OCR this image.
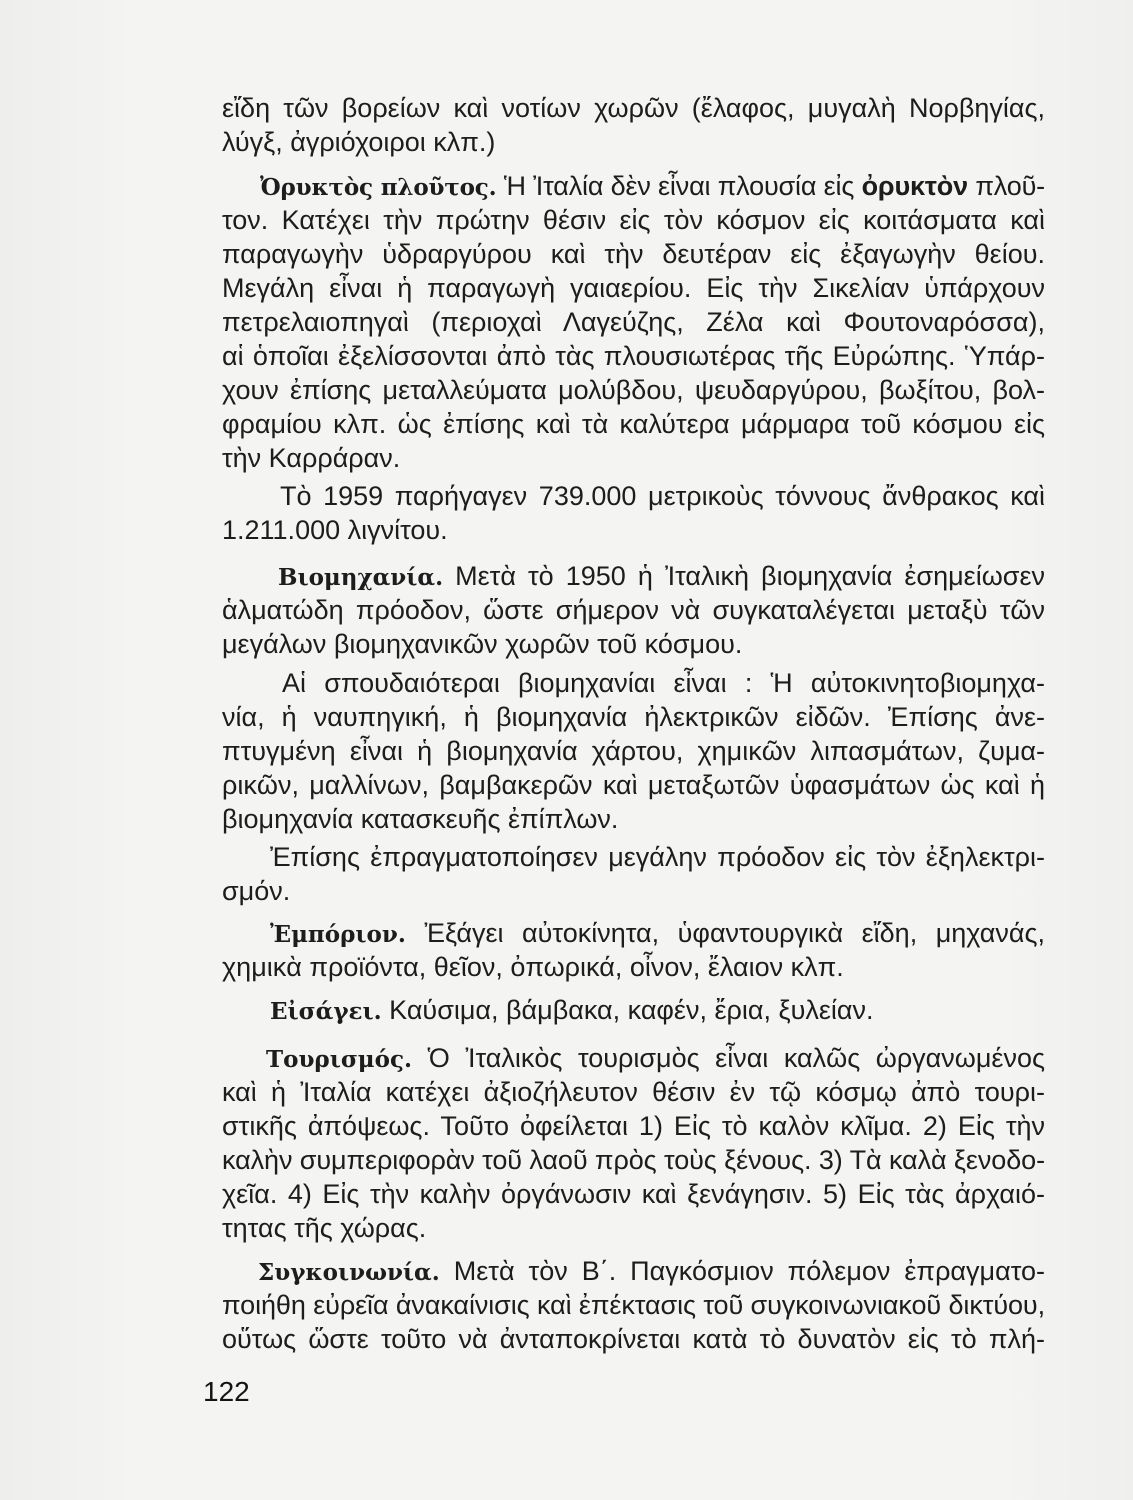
εἴδη τῶν βορείων καὶ νοτίων χωρῶν (ἔλαφος, μυγαλὴ Νορβηγίας,
λύγξ, ἀγριόχοιροι κλπ.)
Ὀρυκτὸς πλοῦτος. Ἡ Ἰταλία δὲν εἶναι πλουσία εἰς ὀρυκτὸν πλοῦ-
τον. Κατέχει τὴν πρώτην θέσιν εἰς τὸν κόσμον εἰς κοιτάσματα καὶ
παραγωγὴν ὑδραργύρου καὶ τὴν δευτέραν εἰς ἐξαγωγὴν θείου.
Μεγάλη εἶναι ἡ παραγωγὴ γαιαερίου. Εἰς τὴν Σικελίαν ὑπάρχουν
πετρελαιοπηγαὶ (περιοχαὶ Λαγεύζης, Ζέλα καὶ Φουτοναρόσσα),
αἱ ὁποῖαι ἐξελίσσονται ἀπὸ τὰς πλουσιωτέρας τῆς Εὐρώπης. Ὑπάρ-
χουν ἐπίσης μεταλλεύματα μολύβδου, ψευδαργύρου, βωξίτου, βολ-
φραμίου κλπ. ὡς ἐπίσης καὶ τὰ καλύτερα μάρμαρα τοῦ κόσμου εἰς
τὴν Καρράραν.
Τὸ 1959 παρήγαγεν 739.000 μετρικοὺς τόννους ἄνθρακος καὶ
1.211.000 λιγνίτου.
Βιομηχανία. Μετὰ τὸ 1950 ἡ Ἰταλικὴ βιομηχανία ἐσημείωσεν
ἁλματώδη πρόοδον, ὥστε σήμερον νὰ συγκαταλέγεται μεταξὺ τῶν
μεγάλων βιομηχανικῶν χωρῶν τοῦ κόσμου.
Αἱ σπουδαιότεραι βιομηχανίαι εἶναι : Ἡ αὐτοκινητοβιομηχα-
νία, ἡ ναυπηγική, ἡ βιομηχανία ἠλεκτρικῶν εἰδῶν. Ἐπίσης ἀνε-
πτυγμένη εἶναι ἡ βιομηχανία χάρτου, χημικῶν λιπασμάτων, ζυμα-
ρικῶν, μαλλίνων, βαμβακερῶν καὶ μεταξωτῶν ὑφασμάτων ὡς καὶ ἡ
βιομηχανία κατασκευῆς ἐπίπλων.
Ἐπίσης ἐπραγματοποίησεν μεγάλην πρόοδον εἰς τὸν ἐξηλεκτρι-
σμόν.
Ἐμπόριον. Ἐξάγει αὐτοκίνητα, ὑφαντουργικὰ εἴδη, μηχανάς,
χημικὰ προϊόντα, θεῖον, ὀπωρικά, οἶνον, ἔλαιον κλπ.
Εἰσάγει. Καύσιμα, βάμβακα, καφέν, ἔρια, ξυλείαν.
Τουρισμός. Ὁ Ἰταλικὸς τουρισμὸς εἶναι καλῶς ὠργανωμένος
καὶ ἡ Ἰταλία κατέχει ἀξιοζήλευτον θέσιν ἐν τῷ κόσμῳ ἀπὸ τουρι-
στικῆς ἀπόψεως. Τοῦτο ὀφείλεται 1) Εἰς τὸ καλὸν κλῖμα. 2) Εἰς τὴν
καλὴν συμπεριφορὰν τοῦ λαοῦ πρὸς τοὺς ξένους. 3) Τὰ καλὰ ξενοδο-
χεῖα. 4) Εἰς τὴν καλὴν ὀργάνωσιν καὶ ξενάγησιν. 5) Εἰς τὰς ἀρχαιό-
τητας τῆς χώρας.
Συγκοινωνία. Μετὰ τὸν Β΄. Παγκόσμιον πόλεμον ἐπραγματο-
ποιήθη εὐρεῖα ἀνακαίνισις καὶ ἐπέκτασις τοῦ συγκοινωνιακοῦ δικτύου,
οὕτως ὥστε τοῦτο νὰ ἀνταποκρίνεται κατὰ τὸ δυνατὸν εἰς τὸ πλή-
122
